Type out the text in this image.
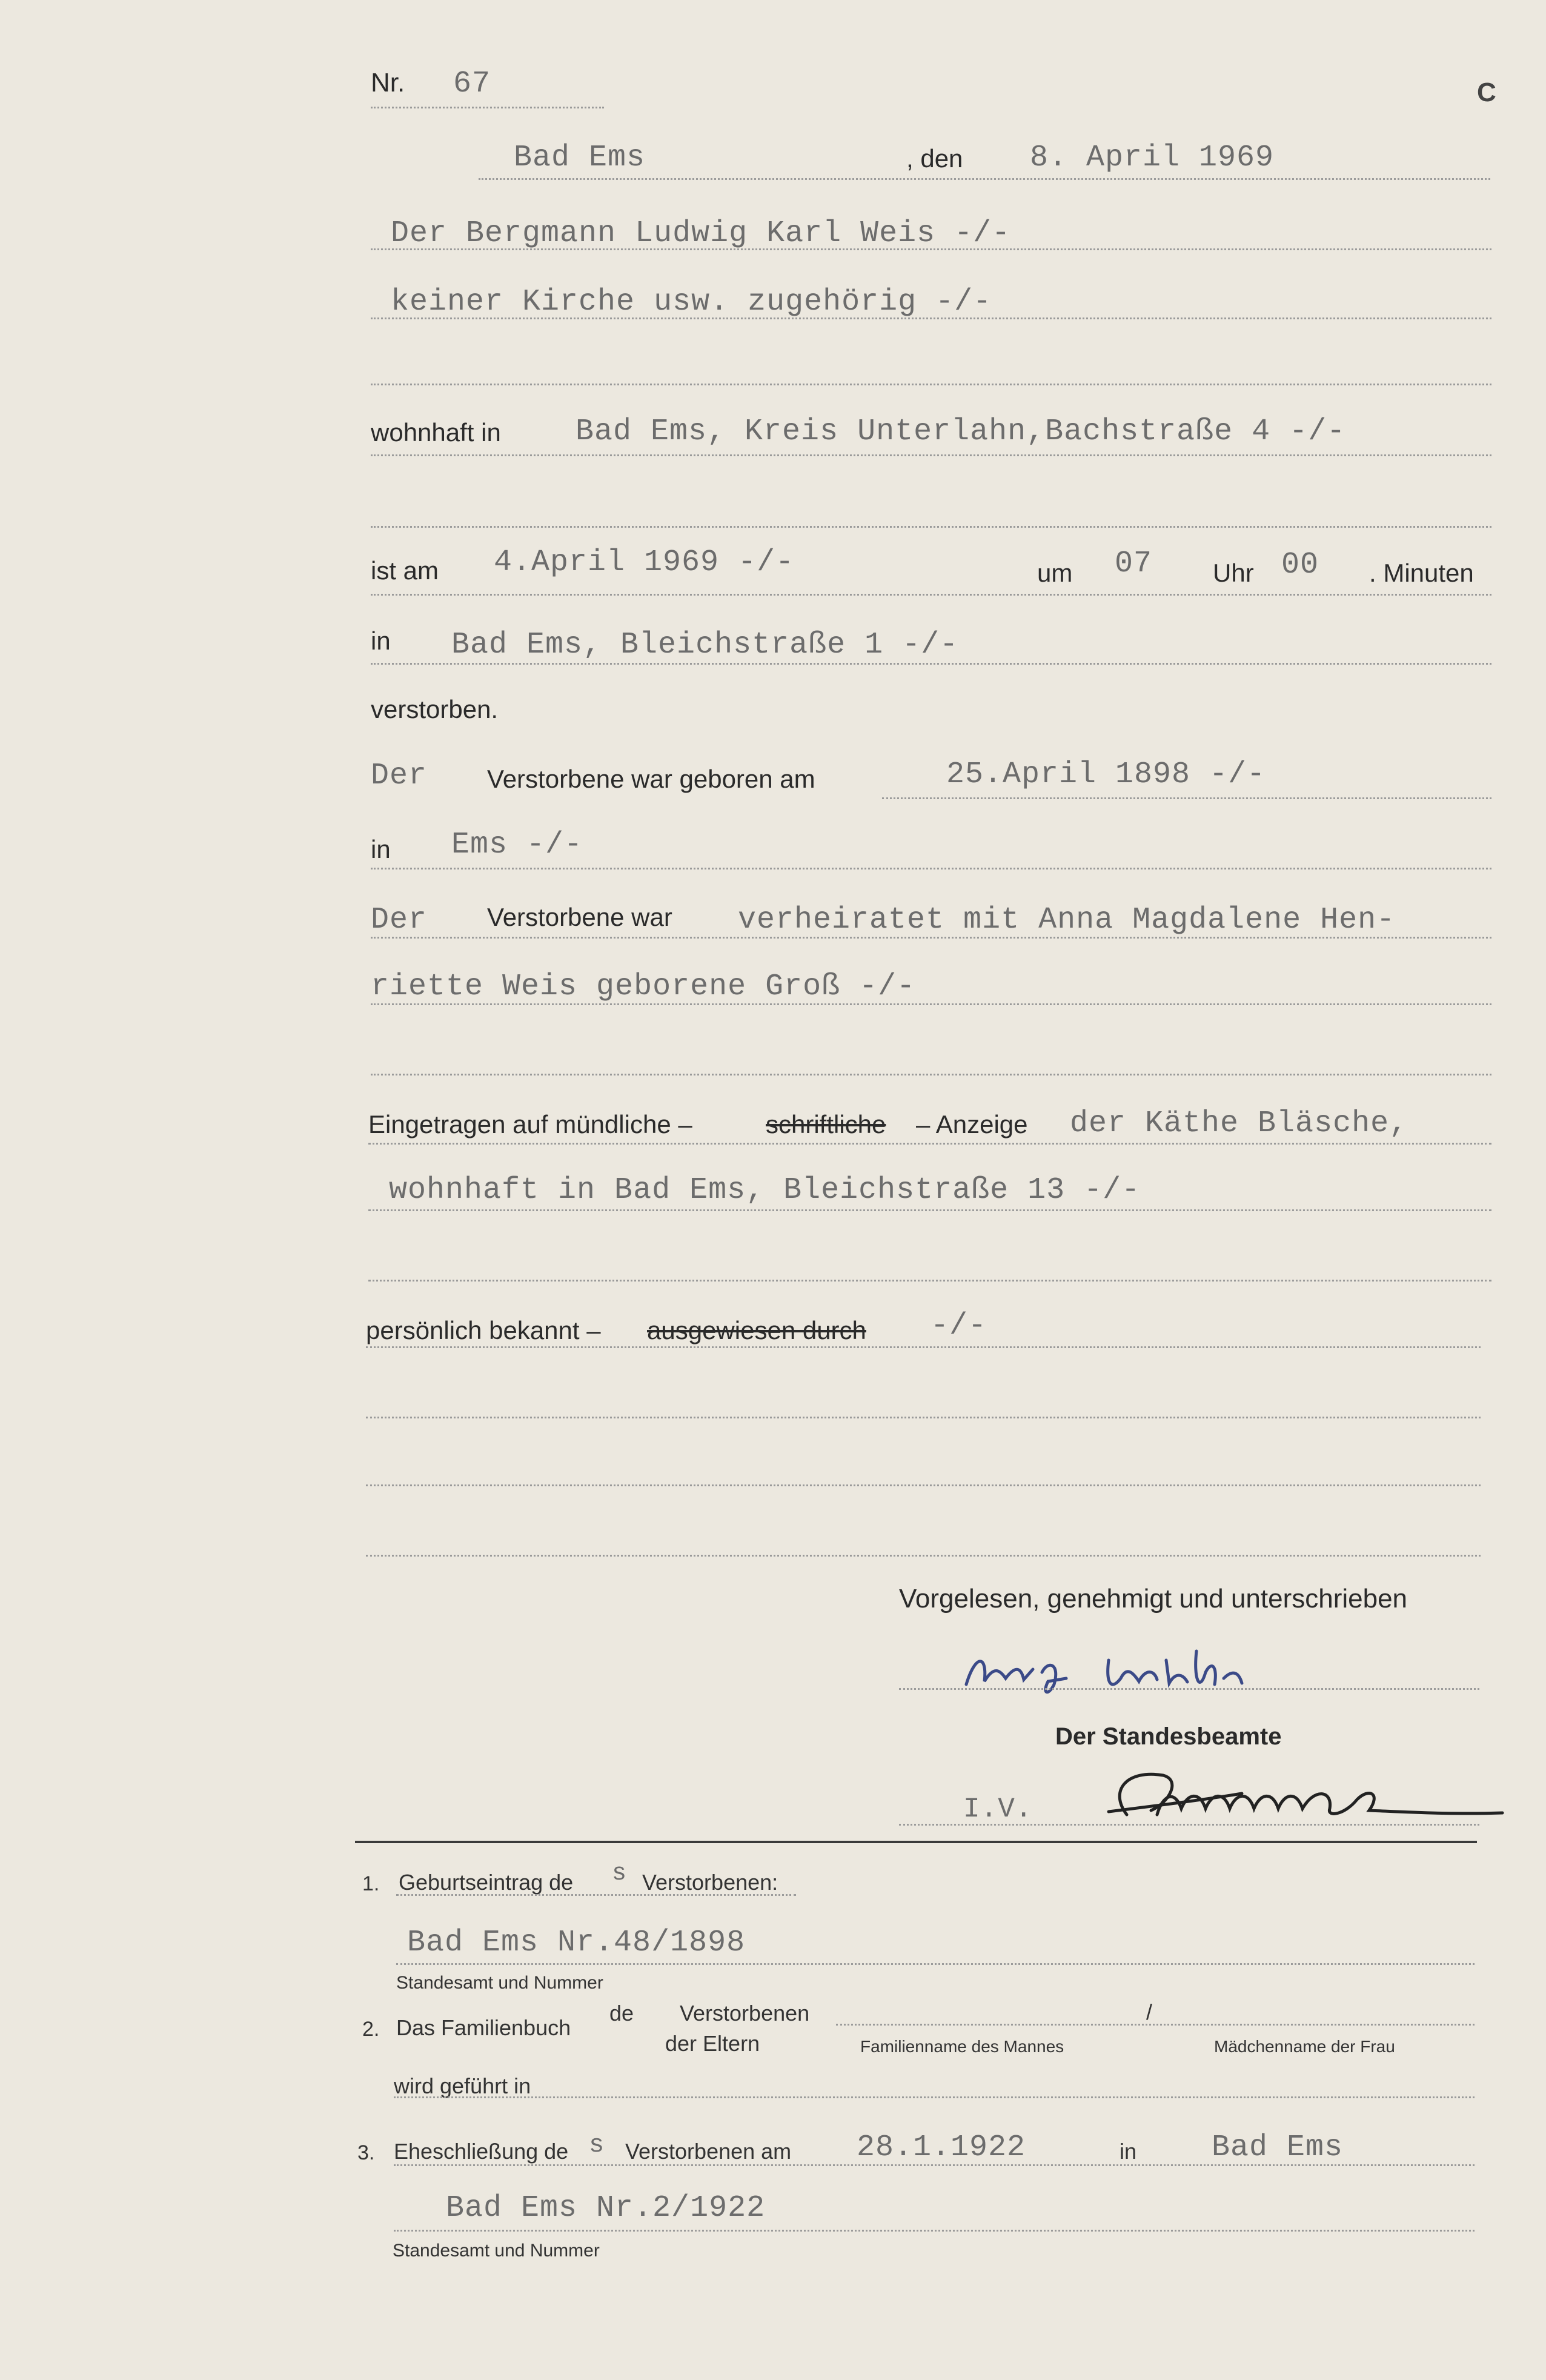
Nr. 67	C
Bad Ems	, den 8. April 1969
Der Bergmann Ludwig Karl Weis -/-
keiner Kirche usw. zugehörig -/-
wohnhaft in Bad Ems, Kreis Unterlahn,Bachstraße 4 -/-
ist am 4.April 1969 -/-	um 07 Uhr 00 . Minuten
in Bad Ems, Bleichstraße 1 -/-
verstorben.
Der Verstorbene war geboren am	25.April 1898 -/-
in Ems -/-
Der Verstorbene war verheiratet mit Anna Magdalene Hen-
riette Weis geborene Groß -/-
Eingetragen auf mündliche –	schriftliche – Anzeige der Käthe Bläsche,
wohnhaft in Bad Ems, Bleichstraße 13 -/-
persönlich bekannt – ausgewiesen durch -/-
Vorgelesen, genehmigt und unterschrieben
Der Standesbeamte
I.V.
1. Geburtseintrag de s Verstorbenen:
Bad Ems Nr.48/1898
Standesamt und Nummer
2. Das Familienbuch
de Verstorbenen
der Eltern
/
Familienname des Mannes	Mädchenname der Frau
wird geführt in
3. Eheschließung de s Verstorbenen am 28.1.1922	in Bad Ems
Bad Ems Nr.2/1922
Standesamt und Nummer
